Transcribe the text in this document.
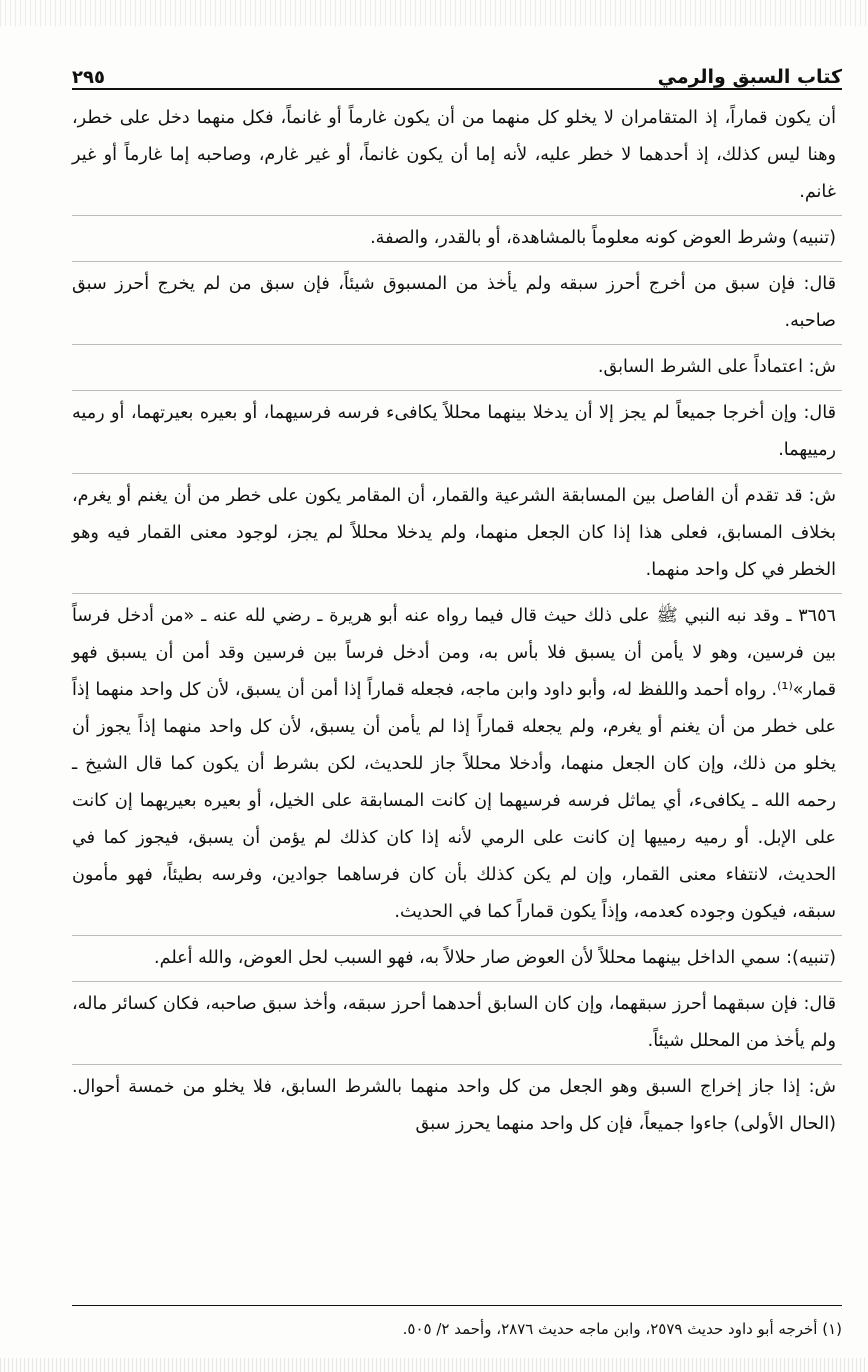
كتاب السبق والرمي
٢٩٥

أن يكون قماراً، إذ المتقامران لا يخلو كل منهما من أن يكون غارماً أو غانماً، فكل منهما دخل على خطر، وهنا ليس كذلك، إذ أحدهما لا خطر عليه، لأنه إما أن يكون غانماً، أو غير غارم، وصاحبه إما غارماً أو غير غانم.

(تنبيه) وشرط العوض كونه معلوماً بالمشاهدة، أو بالقدر، والصفة.

قال: فإن سبق من أخرج أحرز سبقه ولم يأخذ من المسبوق شيئاً، فإن سبق من لم يخرج أحرز سبق صاحبه.

ش: اعتماداً على الشرط السابق.

قال: وإن أخرجا جميعاً لم يجز إلا أن يدخلا بينهما محللاً يكافىء فرسه فرسيهما، أو بعيره بعيرتهما، أو رميه رمييهما.

ش: قد تقدم أن الفاصل بين المسابقة الشرعية والقمار، أن المقامر يكون على خطر من أن يغنم أو يغرم، بخلاف المسابق، فعلى هذا إذا كان الجعل منهما، ولم يدخلا محللاً لم يجز، لوجود معنى القمار فيه وهو الخطر في كل واحد منهما.

٣٦٥٦ ـ وقد نبه النبي ﷺ على ذلك حيث قال فيما رواه عنه أبو هريرة ـ رضي لله عنه ـ «من أدخل فرساً بين فرسين، وهو لا يأمن أن يسبق فلا بأس به، ومن أدخل فرساً بين فرسين وقد أمن أن يسبق فهو قمار»⁽¹⁾. رواه أحمد واللفظ له، وأبو داود وابن ماجه، فجعله قماراً إذا أمن أن يسبق، لأن كل واحد منهما إذاً على خطر من أن يغنم أو يغرم، ولم يجعله قماراً إذا لم يأمن أن يسبق، لأن كل واحد منهما إذاً يجوز أن يخلو من ذلك، وإن كان الجعل منهما، وأدخلا محللاً جاز للحديث، لكن بشرط أن يكون كما قال الشيخ ـ رحمه الله ـ يكافىء، أي يماثل فرسه فرسيهما إن كانت المسابقة على الخيل، أو بعيره بعيريهما إن كانت على الإبل. أو رميه رمييها إن كانت على الرمي لأنه إذا كان كذلك لم يؤمن أن يسبق، فيجوز كما في الحديث، لانتفاء معنى القمار، وإن لم يكن كذلك بأن كان فرساهما جوادين، وفرسه بطيئاً، فهو مأمون سبقه، فيكون وجوده كعدمه، وإذاً يكون قماراً كما في الحديث.

(تنبيه): سمي الداخل بينهما محللاً لأن العوض صار حلالاً به، فهو السبب لحل العوض، والله أعلم.

قال: فإن سبقهما أحرز سبقهما، وإن كان السابق أحدهما أحرز سبقه، وأخذ سبق صاحبه، فكان كسائر ماله، ولم يأخذ من المحلل شيئاً.

ش: إذا جاز إخراج السبق وهو الجعل من كل واحد منهما بالشرط السابق، فلا يخلو من خمسة أحوال. (الحال الأولى) جاءوا جميعاً، فإن كل واحد منهما يحرز سبق

(١) أخرجه أبو داود حديث ٢٥٧٩، وابن ماجه حديث ٢٨٧٦، وأحمد ٢/ ٥٠٥.
